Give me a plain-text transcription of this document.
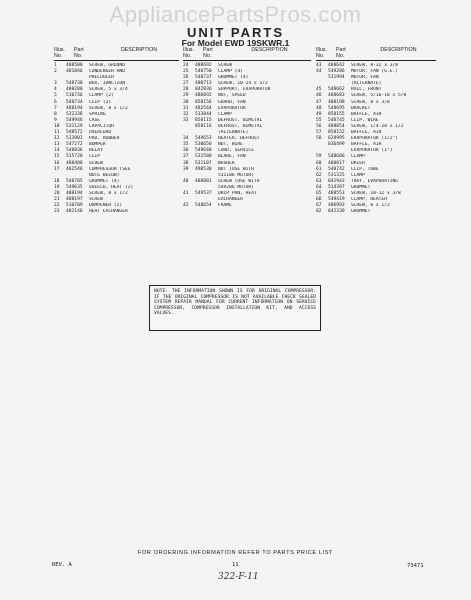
AppliancePartsPros.com
UNIT PARTS
For Model EWD 19SKWR.1
Illus.
No.
Part
No.
DESCRIPTION
1	488500	SCREW, GROUND
2	481846	CONDENSER AND
PRECOOLER
3	548738	BOX, JUNCTION
4	488280	SCREW, 5 x 3/4
5	510736	CLAMP (2)
6	548734	CLIP (2)
7	488194	SCREW, 8 x 1/2
8	531338	SPRING
9	549946	CASE
10	531129	CAPACITOR
11	548572	OVERLOAD
12	513901	PAD, RUBBER
13	547272	BUMPER
14	548836	RELAY
15	515720	CLIP
16	488400	SCREW
17	462546	COMPRESSOR (SEE
NOTE BELOW)
18	548785	GROMMET (4)
19	549635	SHIELD, HEAT (2)
20	488194	SCREW, 8 x 1/2
21	488197	SCREW
22	510709	DAMPENER (2)
23	482146	HEAT EXCHANGER
Illus.
No.
Part
No.
DESCRIPTION
24	488692	SCREW
25	548750	CLAMP (4)
26	548737	GROMMET (4)
27	488713	SCREW, 10-24 x 1/2
28	842836	SUPPORT, EVAPORATOR
29	486092	NUT, SPEED
30	858156	GUARD, FAN
31	482544	EVAPORATOR
32	513844	CLAMP
33	858115	DEFROST, BIMETAL
858116	DEFROST, BIMETAL
(ALTERNATE)
34	549653	HEATER, DEFROST
35	530650	NUT, WIRE
36	549640	CORD, SERVICE
37	531580	BLADE, FAN
38	531107	WASHER
39	498530	NUT (USE WITH
531106 MOTOR)
40	488801	SCREW (USE WITH
549286 MOTOR)
41	549537	DRIP PAN, HEAT
EXCHANGER
42	548654	FRAME
Illus.
No.
Part
No.
DESCRIPTION
43	488642	SCREW, 8-32 x 3/8
44	549286	MOTOR, FAN (G.E.)
531994	MOTOR, FAN
(ALTERNATE)
45	548662	RAIL, FRONT
46	488683	SCREW, 5/16-18 x 5/8
47	488198	SCREW, 8 x 3/8
48	548695	BRACKET
49	858155	BAFFLE, AIR
55	548745	CLIP, WIRE
56	488854	SCREW, 1/4-28 x 1/2
57	858152	BAFFLE, AIR
58	629995	EVAPORATOR (1/2")
836499	BAFFLE, AIR
EVAPORATOR (1")
59	548606	CLAMP
60	480017	DRIER
61	548742	CLIP, TUBE
62	531325	CLAMP
63	842943	TRAY, EVAPORATING
64	514397	GROMMET
65	488553	SCREW, 10-12 x 3/8
66	549419	CLAMP, HEATER
67	486993	SCREW, 8 x 1/2
82	842339	GROMMET
NOTE: THE INFORMATION SHOWN IS FOR ORIGINAL COMPRESSOR. IF THE ORIGINAL COMPRESSOR IS NOT AVAILABLE CHECK SEALED SYSTEM REPAIR MANUAL FOR CURRENT INFORMATION ON SERVICE COMPRESSOR, COMPRESSOR INSTALLATION KIT, AND ACCESS VALVES.
FOR ORDERING INFORMATION REFER TO PARTS PRICE LIST
REV. A	11	73471
322-F-11
